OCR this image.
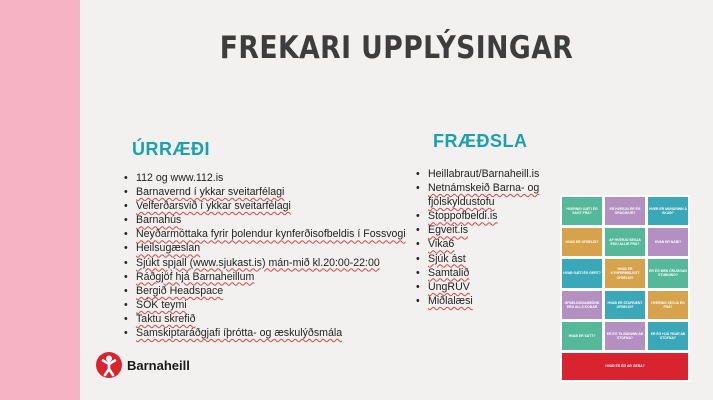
FREKARI UPPLÝSINGAR
ÚRRÆÐI
• 112 og www.112.is
• Barnavernd í ykkar sveitarfélagi
• Velferðarsvið í ykkar sveitarfélagi
• Barnahús
• Neyðarmóttaka fyrir þolendur kynferðisofbeldis í Fossvogi
• Heilsugæslan
• Sjúkt spjall (www.sjukast.is) mán-mið kl.20:00-22:00
• Ráðgjöf hjá Barnaheillum
• Bergið Headspace
• SÓK teymi
• Taktu skrefið
• Samskiptaráðgjafi íþrótta- og æskulýðsmála
FRÆÐSLA
• Heillabraut/Barnaheill.is
• Netnámskeið Barna- og fjölskyldustofu
• Stoppofbeldi.is
• Egveit.is
• Vika6
• Sjúk ást
• Samtalið
• UngRÚV
• Miðlalæsi
HVERNIG GÆTI ÉG SAGT FRÁ?
ER HVERJU ER ÉG ÖRUGG/UR?
HVER ER MUNURINN Á SKAÐ?
HVAÐ ER OFBELDI?
AF HVERJU SEGJA EKKI ALLIR FRÁ?
HVAÐ ER NÁIÐ?
HVAÐ GÆTI ÉG GERT?
HVAÐ ER KYNFERÐISLEGT OFBELDI?
ER ÉG MEÐ ÖRUGGAN STUÐNING?
OFBELDISSAMBÖND ERU ALLS KONAR
HVAÐ ER STAFRÆNT OFBELDI?
HVERNIG SEGJA ÉG FRÁ?
HVAÐ ER SÁTT?
ER ÉG TILBÚIN/NN AÐ STOFNA?
ER ÉG HJÁ YÐUR AÐ STOFNA?
HVAÐ ER ÉG AÐ GERA?
Barnaheill
